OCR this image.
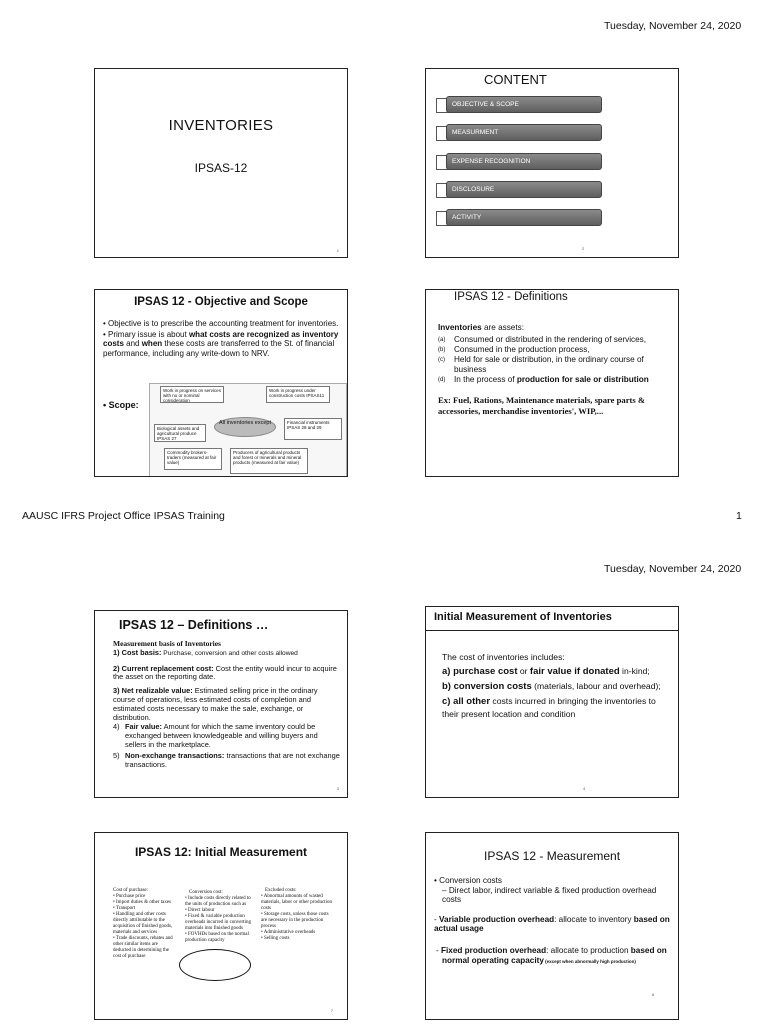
Tuesday, November 24, 2020
INVENTORIES
IPSAS-12
1
CONTENT
OBJECTIVE & SCOPE
MEASURMENT
EXPENSE RECOGNITION
DISCLOSURE
ACTIVITY
2
IPSAS 12 - Objective and Scope

• Objective is to prescribe the accounting treatment for inventories.

• Primary issue is about what costs are recognized as inventory costs and when these costs are transferred to the St. of financial performance, including any write-down to NRV.

• Scope:
Work in progress on services with no or nominal consideration
Work in progress under construction costs IPSAS11
All inventories except
Biological assets and agricultural produce IPSAS 27
Financial instruments IPSAS 28 and 29
Commodity brokers-traders (measured at fair value)
Producers of agricultural products and forest or minerals and mineral products (measured at fair value)
IPSAS 12 - Definitions
Inventories are assets:
(a)	Consumed or distributed in the rendering of services,
(b)	Consumed in the production process,
(c)	Held for sale or distribution, in the ordinary course of business
(d)	In the process of production for sale or distribution
Ex: Fuel, Rations, Maintenance materials, spare parts & accessories, merchandise inventories', WIP,...
AAUSC IFRS Project Office IPSAS Training	1
Tuesday, November 24, 2020
IPSAS 12 – Definitions …
Measurement basis of Inventories
1) Cost basis: Purchase, conversion and other costs allowed
2) Current replacement cost: Cost the entity would incur to acquire the asset on the reporting date.
3) Net realizable value: Estimated selling price in the ordinary course of operations, less estimated costs of completion and estimated costs necessary to make the sale, exchange, or distribution.
4) Fair value: Amount for which the same inventory could be exchanged between knowledgeable and willing buyers and sellers in the marketplace.
5) Non-exchange transactions: transactions that are not exchange transactions.
3
Initial Measurement of Inventories
The cost of inventories includes:
a) purchase cost or fair value if donated in-kind;
b) conversion costs (materials, labour and overhead);
c) all other costs incurred in bringing the inventories to their present location and condition
4
IPSAS 12: Initial Measurement

Cost of purchase:

• Purchase price

• Import duties & other taxes

• Transport

• Handling and other costs directly attributable to the acquisition of finished goods, materials and services

• Trade discounts, rebates and other similar items are deducted in determining the cost of purchase

Conversion cost:

• Include costs directly related to the units of production such as

• Direct labour

• Fixed & variable production overheads incurred in converting materials into finished goods

• FOVHDs based on the normal production capacity

Excluded costs:

• Abnormal amounts of wasted materials, labor or other production costs

• Storage costs, unless those costs are necessary in the production process

• Administrative overheads

• Selling costs

7
IPSAS 12 - Measurement
• Conversion costs
– Direct labor, indirect variable & fixed production overhead costs
- Variable production overhead: allocate to inventory based on actual usage
- Fixed production overhead: allocate to production based on normal operating capacity (except when abnormally high production)
8
